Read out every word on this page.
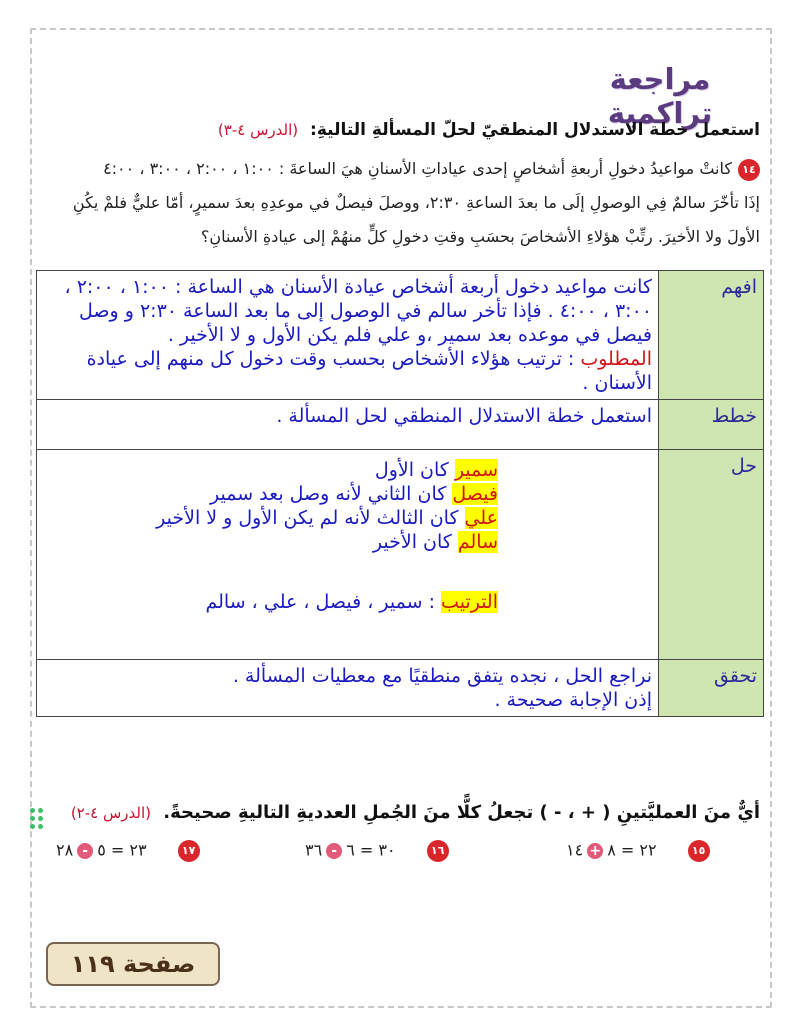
مراجعة تراكمية
استعمل خطة الاستدلال المنطقيّ لحلّ المسألةِ التاليةِ: (الدرس ٤-٣)
١٤كانتْ مواعيدُ دخولِ أربعةِ أشخاصٍ إحدى عياداتِ الأسنانِ هيَ الساعةَ : ١:٠٠ ، ٢:٠٠ ، ٣:٠٠ ، ٤:٠٠
إذَا تأخّرَ سالمٌ فِي الوصولِ إلَى ما بعدَ الساعةِ ٢:٣٠، ووصلَ فيصلٌ في موعدِهِ بعدَ سميرٍ، أمّا عليٌّ فلمْ يكُنِ
الأولَ ولا الأخيرَ. رتِّبْ هؤلاءِ الأشخاصَ بحسَبِ وقتِ دخولِ كلٍّ منهُمْ إلى عيادةِ الأسنانِ؟
افهم	كانت مواعيد دخول أربعة أشخاص عيادة الأسنان هي الساعة : ١:٠٠ ، ٢:٠٠ ، ٣:٠٠ ، ٤:٠٠ . فإذا تأخر سالم في الوصول إلى ما بعد الساعة ٢:٣٠ و وصل فيصل في موعده بعد سمير ،و علي فلم يكن الأول و لا الأخير .
المطلوب : ترتيب هؤلاء الأشخاص بحسب وقت دخول كل منهم إلى عيادة الأسنان .

خطط	استعمل خطة الاستدلال المنطقي لحل المسألة .
حل	سمير كان الأول
فيصل كان الثاني لأنه وصل بعد سمير
علي كان الثالث لأنه لم يكن الأول و لا الأخير
سالم كان الأخير
الترتيب : سمير ، فيصل ، علي ، سالم

تحقق	نراجع الحل ، نجده يتفق منطقيًا مع معطيات المسألة .
إذن الإجابة صحيحة .
أيٌّ منَ العمليَّتينِ ( + ، - ) تجعلُ كلًّا منَ الجُملِ العدديةِ التاليةِ صحيحةً. (الدرس ٤-٢)
٢٣ = ٥-٢٨	١٧	٣٠ = ٦-٣٦	١٦	٢٢ = ٨+١٤	١٥
صفحة ١١٩
